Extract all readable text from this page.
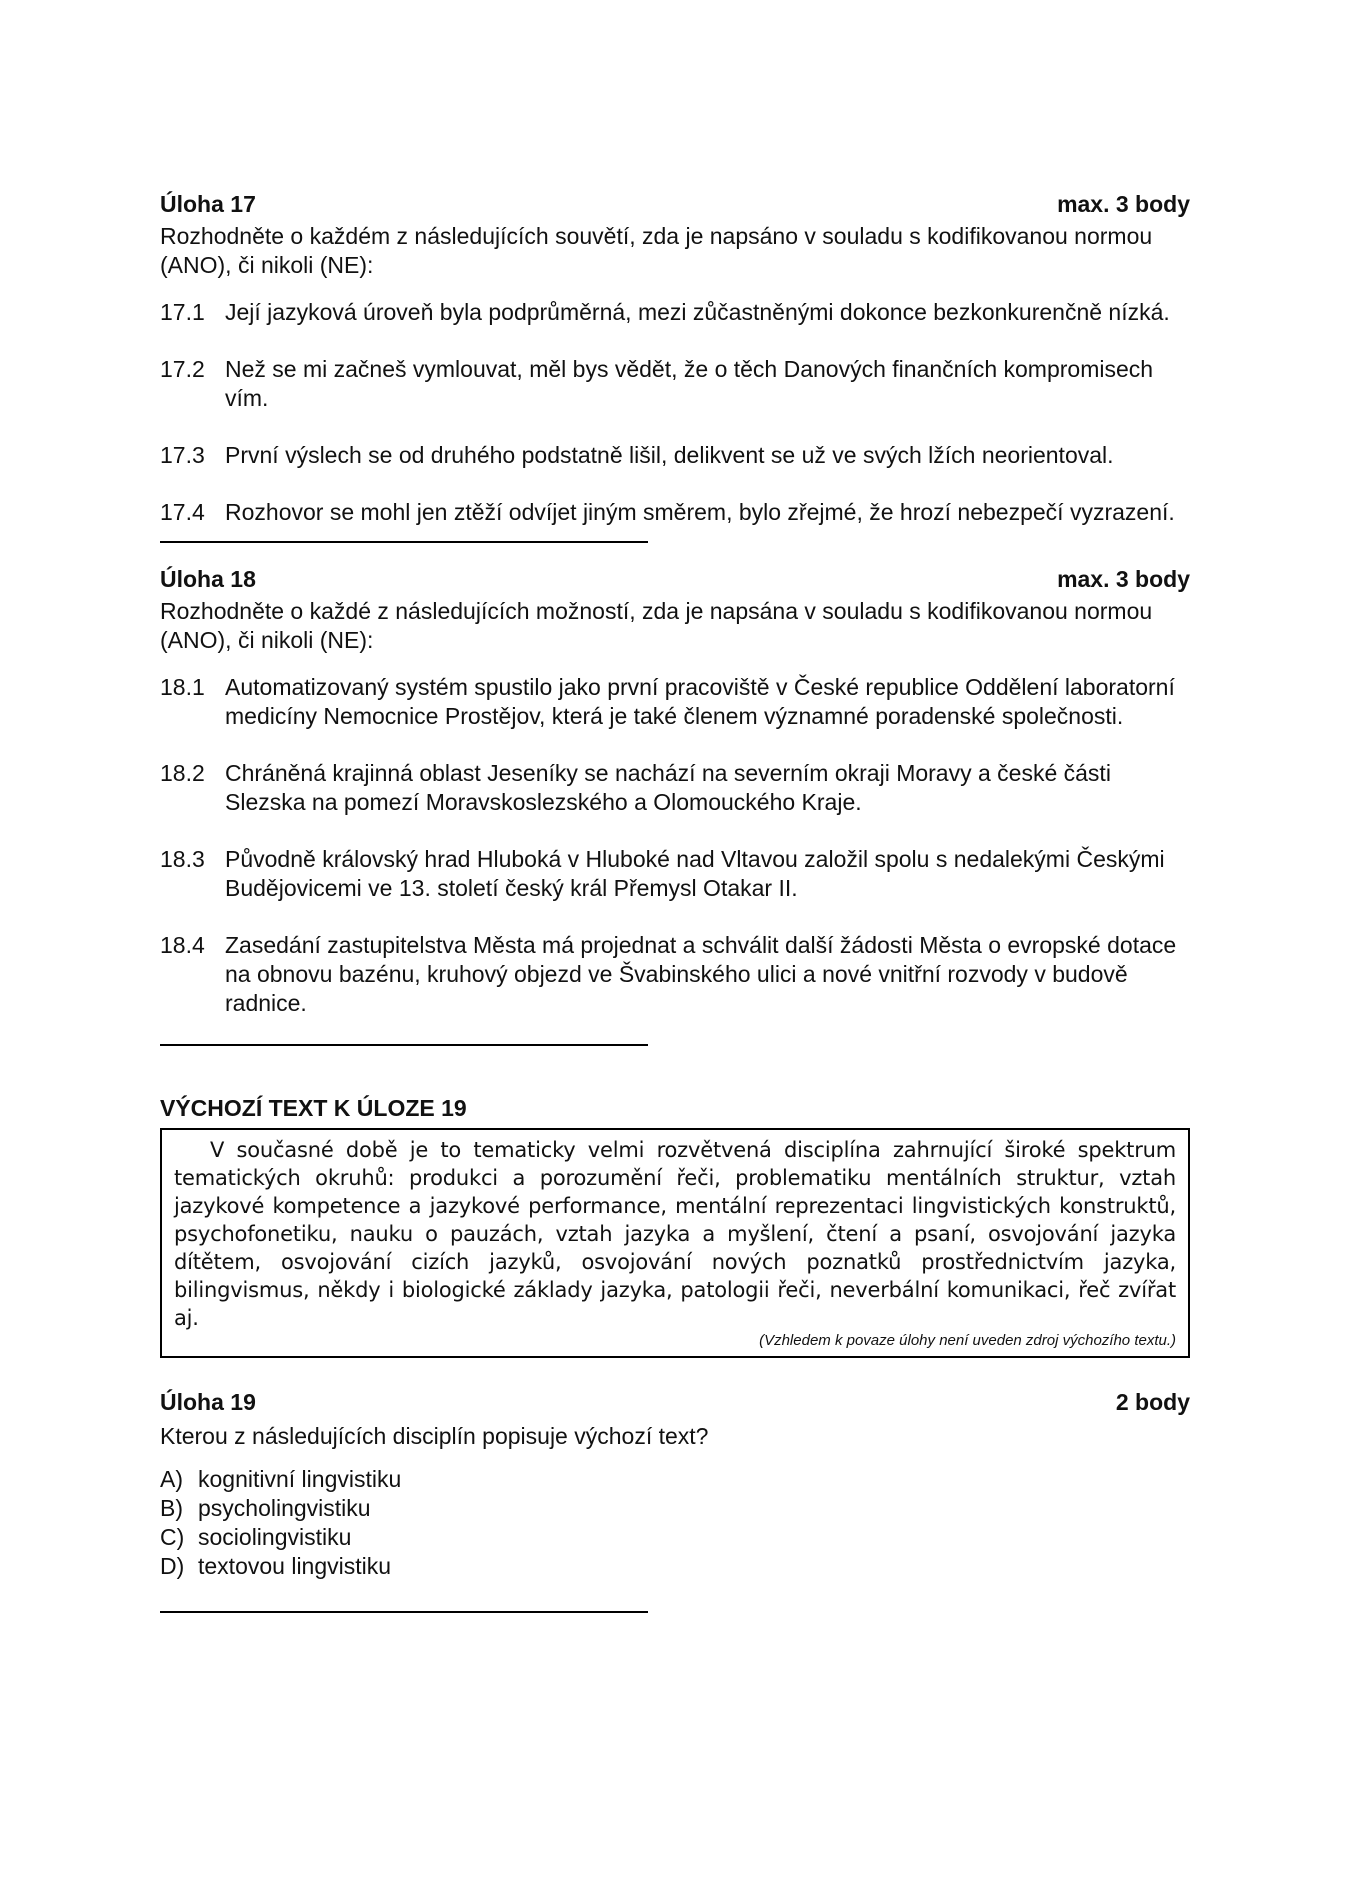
Úloha 17	max. 3 body

Rozhodněte o každém z následujících souvětí, zda je napsáno v souladu s kodifikovanou normou (ANO), či nikoli (NE):

17.1 Její jazyková úroveň byla podprůměrná, mezi zůčastněnými dokonce bezkonkurenčně nízká.
17.2 Než se mi začneš vymlouvat, měl bys vědět, že o těch Danových finančních kompromisech vím.
17.3 První výslech se od druhého podstatně lišil, delikvent se už ve svých lžích neorientoval.
17.4 Rozhovor se mohl jen ztěží odvíjet jiným směrem, bylo zřejmé, že hrozí nebezpečí vyzrazení.
Úloha 18	max. 3 body

Rozhodněte o každé z následujících možností, zda je napsána v souladu s kodifikovanou normou (ANO), či nikoli (NE):

18.1 Automatizovaný systém spustilo jako první pracoviště v České republice Oddělení laboratorní medicíny Nemocnice Prostějov, která je také členem významné poradenské společnosti.
18.2 Chráněná krajinná oblast Jeseníky se nachází na severním okraji Moravy a české části Slezska na pomezí Moravskoslezského a Olomouckého Kraje.
18.3 Původně královský hrad Hluboká v Hluboké nad Vltavou založil spolu s nedalekými Českými Budějovicemi ve 13. století český král Přemysl Otakar II.
18.4 Zasedání zastupitelstva Města má projednat a schválit další žádosti Města o evropské dotace na obnovu bazénu, kruhový objezd ve Švabinského ulici a nové vnitřní rozvody v budově radnice.
VÝCHOZÍ TEXT K ÚLOZE 19

V současné době je to tematicky velmi rozvětvená disciplína zahrnující široké spektrum tematických okruhů: produkci a porozumění řeči, problematiku mentálních struktur, vztah jazykové kompetence a jazykové performance, mentální reprezentaci lingvistických konstruktů, psychofonetiku, nauku o pauzách, vztah jazyka a myšlení, čtení a psaní, osvojování jazyka dítětem, osvojování cizích jazyků, osvojování nových poznatků prostřednictvím jazyka, bilingvismus, někdy i biologické základy jazyka, patologii řeči, neverbální komunikaci, řeč zvířat aj.

(Vzhledem k povaze úlohy není uveden zdroj výchozího textu.)

Úloha 19	2 body

Kterou z následujících disciplín popisuje výchozí text?

A) kognitivní lingvistiku
B) psycholingvistiku
C) sociolingvistiku
D) textovou lingvistiku
